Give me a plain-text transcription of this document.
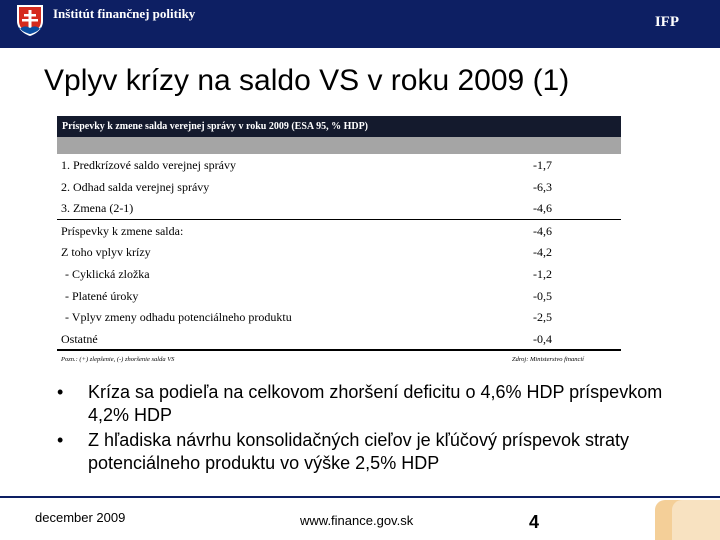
Inštitút finančnej politiky
IFP
Vplyv krízy na saldo VS v roku 2009 (1)
Príspevky k zmene salda verejnej správy v roku 2009 (ESA 95, % HDP)
1. Predkrízové saldo verejnej správy	-1,7
2. Odhad salda verejnej správy	-6,3
3. Zmena (2-1)	-4,6
Príspevky k zmene salda:	-4,6
Z toho vplyv krízy	-4,2
- Cyklická zložka	-1,2
- Platené úroky	-0,5
- Vplyv zmeny odhadu potenciálneho produktu	-2,5
Ostatné	-0,4
Pozn.: (+) zlepšenie, (-) zhoršenie salda VS	Zdroj: Ministerstvo financií
• Kríza sa podieľa na celkovom zhoršení deficitu o 4,6% HDP príspevkom 4,2% HDP
• Z hľadiska návrhu konsolidačných cieľov je kľúčový príspevok straty potenciálneho produktu vo výške 2,5% HDP
december 2009	www.finance.gov.sk	4
